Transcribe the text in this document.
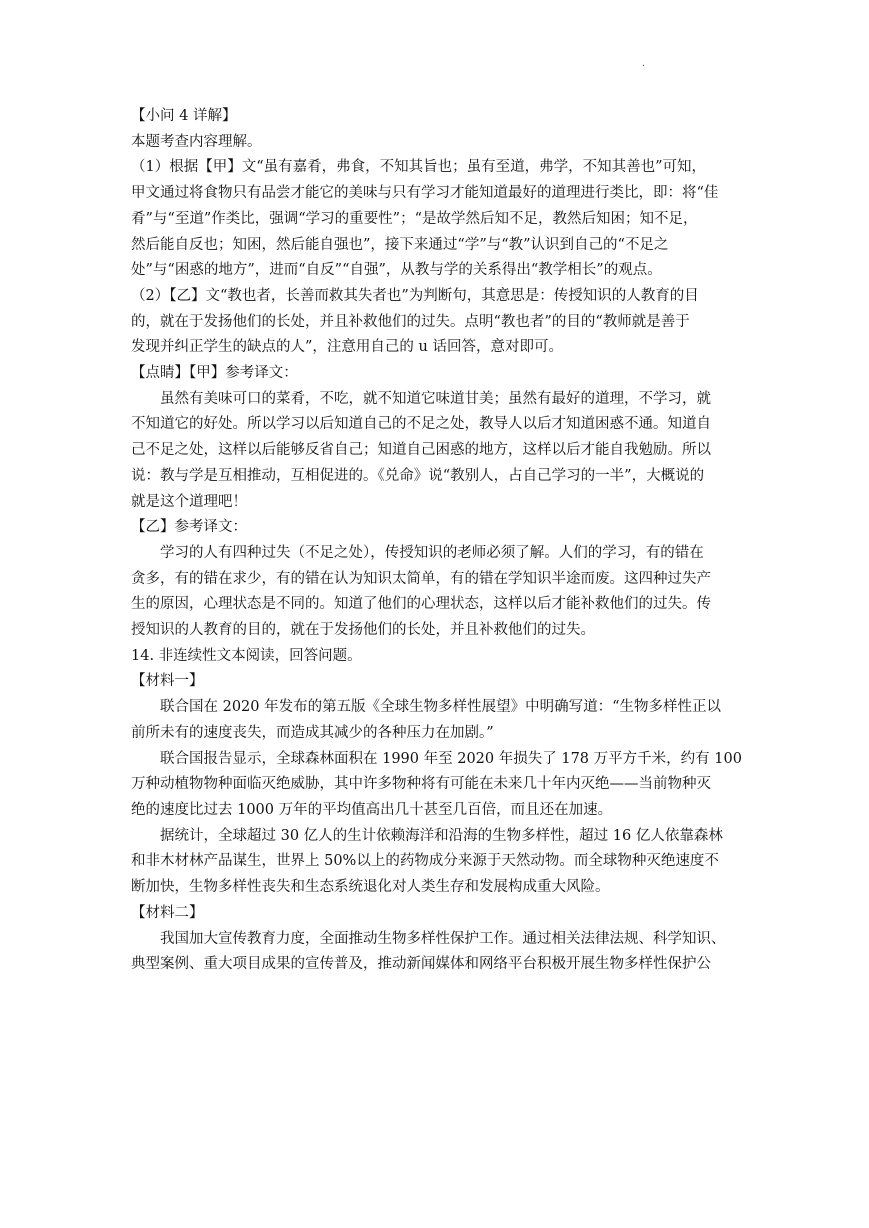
.

【小问 4 详解】

本题考查内容理解。

（1）根据【甲】文“虽有嘉肴，弗食，不知其旨也；虽有至道，弗学，不知其善也”可知，
甲文通过将食物只有品尝才能它的美味与只有学习才能知道最好的道理进行类比，即：将“佳
肴”与“至道”作类比，强调“学习的重要性”；“是故学然后知不足，教然后知困；知不足，
然后能自反也；知困，然后能自强也”，接下来通过“学”与“教”认识到自己的“不足之
处”与“困惑的地方”，进而“自反”“自强”，从教与学的关系得出“教学相长”的观点。

（2）【乙】文“教也者，长善而救其失者也”为判断句，其意思是：传授知识的人教育的目
的，就在于发扬他们的长处，并且补救他们的过失。点明“教也者”的目的“教师就是善于
发现并纠正学生的缺点的人”，注意用自己的 u 话回答，意对即可。

【点睛】【甲】参考译文：

虽然有美味可口的菜肴，不吃，就不知道它味道甘美；虽然有最好的道理，不学习，就
不知道它的好处。所以学习以后知道自己的不足之处，教导人以后才知道困惑不通。知道自
己不足之处，这样以后能够反省自己；知道自己困惑的地方，这样以后才能自我勉励。所以
说：教与学是互相推动，互相促进的。《兑命》说“教别人，占自己学习的一半”，大概说的
就是这个道理吧！

【乙】参考译文：

学习的人有四种过失（不足之处），传授知识的老师必须了解。人们的学习，有的错在
贪多，有的错在求少，有的错在认为知识太简单，有的错在学知识半途而废。这四种过失产
生的原因，心理状态是不同的。知道了他们的心理状态，这样以后才能补救他们的过失。传
授知识的人教育的目的，就在于发扬他们的长处，并且补救他们的过失。

14. 非连续性文本阅读，回答问题。

【材料一】

联合国在 2020 年发布的第五版《全球生物多样性展望》中明确写道：“生物多样性正以
前所未有的速度丧失，而造成其减少的各种压力在加剧。”

联合国报告显示，全球森林面积在 1990 年至 2020 年损失了 178 万平方千米，约有 100
万种动植物物种面临灭绝威胁，其中许多物种将有可能在未来几十年内灭绝——当前物种灭
绝的速度比过去 1000 万年的平均值高出几十甚至几百倍，而且还在加速。

据统计，全球超过 30 亿人的生计依赖海洋和沿海的生物多样性，超过 16 亿人依靠森林
和非木材林产品谋生，世界上 50%以上的药物成分来源于天然动物。而全球物种灭绝速度不
断加快，生物多样性丧失和生态系统退化对人类生存和发展构成重大风险。

【材料二】

我国加大宣传教育力度，全面推动生物多样性保护工作。通过相关法律法规、科学知识、
典型案例、重大项目成果的宣传普及，推动新闻媒体和网络平台积极开展生物多样性保护公
